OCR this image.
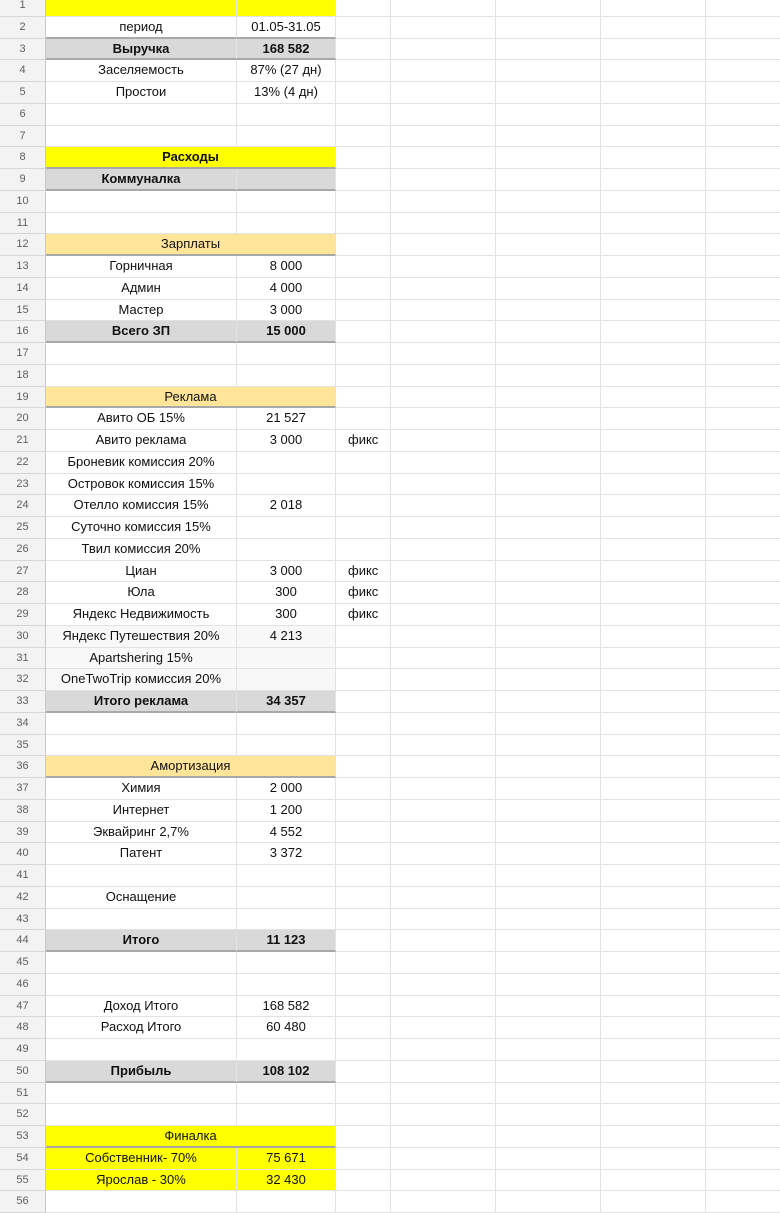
1
2	период	01.05-31.05
3	Выручка	168 582
4	Заселяемость	87% (27 дн)
5	Простои	13% (4 дн)
6
7
8	Расходы
9	Коммуналка
10
11
12	Зарплаты
13	Горничная	8 000
14	Админ	4 000
15	Мастер	3 000
16	Всего ЗП	15 000
17
18
19	Реклама
20	Авито ОБ 15%	21 527
21	Авито реклама	3 000	фикс
22	Броневик комиссия 20%
23	Островок комиссия 15%
24	Отелло комиссия 15%	2 018
25	Суточно комиссия 15%
26	Твил комиссия 20%
27	Циан	3 000	фикс
28	Юла	300	фикс
29	Яндекс Недвижимость	300	фикс
30	Яндекс Путешествия 20%	4 213
31	Apartshering 15%
32	OneTwoTrip комиссия 20%
33	Итого реклама	34 357
34
35
36	Амортизация
37	Химия	2 000
38	Интернет	1 200
39	Эквайринг 2,7%	4 552
40	Патент	3 372
41
42	Оснащение
43
44	Итого	11 123
45
46
47	Доход Итого	168 582
48	Расход Итого	60 480
49
50	Прибыль	108 102
51
52
53	Финалка
54	Собственник- 70%	75 671
55	Ярослав - 30%	32 430
56
